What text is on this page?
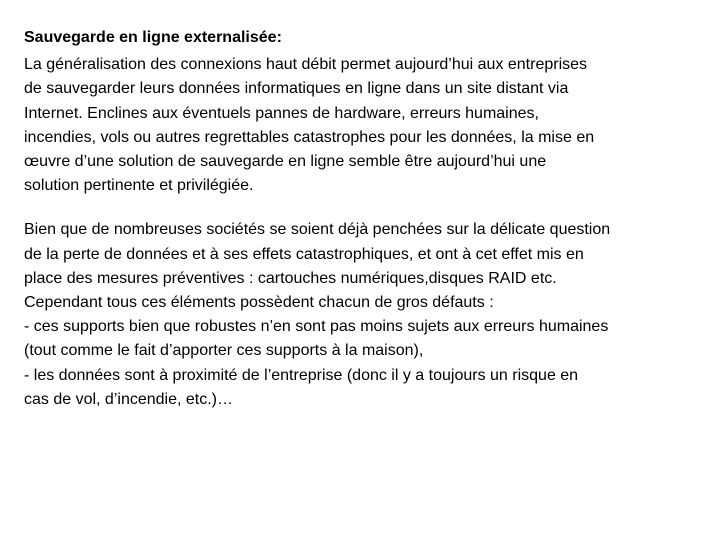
Sauvegarde en ligne externalisée:
La généralisation des connexions haut débit permet aujourd’hui aux entreprises
de sauvegarder leurs données informatiques en ligne dans un site distant via
Internet. Enclines aux éventuels pannes de hardware, erreurs humaines,
incendies, vols ou autres regrettables catastrophes pour les données, la mise en
œuvre d’une solution de sauvegarde en ligne semble être aujourd’hui une
solution pertinente et privilégiée.
Bien que de nombreuses sociétés se soient déjà penchées sur la délicate question
de la perte de données et à ses effets catastrophiques, et ont à cet effet mis en
place des mesures préventives : cartouches numériques,disques RAID etc.
Cependant tous ces éléments possèdent chacun de gros défauts :
- ces supports bien que robustes n’en sont pas moins sujets aux erreurs humaines
(tout comme le fait d’apporter ces supports à la maison),
- les données sont à proximité de l’entreprise (donc il y a toujours un risque en
cas de vol, d’incendie, etc.)…
